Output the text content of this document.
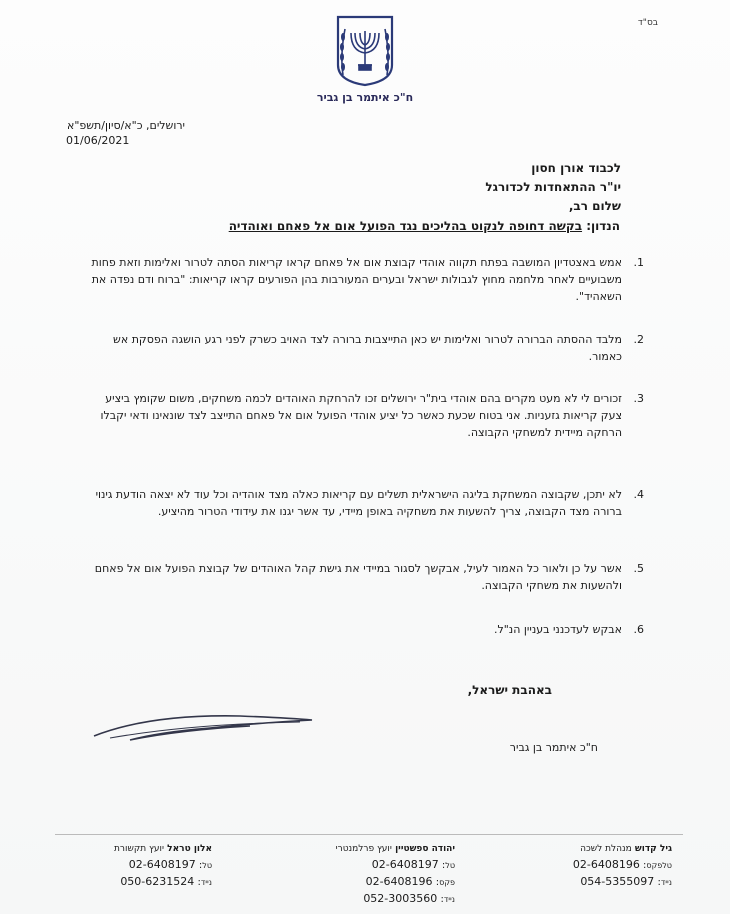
בס"ד
ח"כ איתמר בן גביר
ירושלים, כ"א/סיון/תשפ"א
01/06/2021
לכבוד אורן חסון
יו"ר ההתאחדות לכדורגל
שלום רב,
הנדון: בקשה דחופה לנקוט בהליכים נגד הפועל אום אל פאחם ואוהדיה
1.
אמש באצטדיון המושבה בפתח תקווה אוהדי קבוצת אום אל פאחם קראו קריאות הסתה לטרור ואלימות וזאת פחות משבועיים לאחר מלחמה מחוץ לגבולות ישראל ובערים המעורבות בהן הפורעים קראו קריאות: "ברוח ודם נפדה את השאהיד".
2.
מלבד ההסתה הברורה לטרור ואלימות יש כאן התייצבות ברורה לצד האויב כשרק לפני רגע הושגה הפסקת אש כאמור.
3.
זכורים לי לא מעט מקרים בהם אוהדי בית"ר ירושלים זכו להרחקת האוהדים לכמה משחקים, משום שקומץ ביציע צעק קריאות גזעניות. אני בטוח שכעת כאשר כל יציע אוהדי הפועל אום אל פאחם התייצב לצד שונאינו ודאי יקבלו הרחקה מיידית למשחקי הקבוצה.
4.
לא יתכן, שקבוצה המשחקת בליגה הישראלית תשלים עם קריאות כאלה מצד אוהדיה וכל עוד לא יצאה הודעת גינוי ברורה מצד הקבוצה, צריך להשעות את משחקיה באופן מיידי, עד אשר יגנו את עידודי הטרור מהיציע.
5.
אשר על כן ולאור כל האמור לעיל, אבקשך לסגור במיידי את גישת קהל האוהדים של קבוצת הפועל אום אל פאחם ולהשעות את משחקי הקבוצה.
6.
אבקש לעדכנני בעניין הנ"ל.
באהבת ישראל,
ח"כ איתמר בן גביר
גיל קדוש מנהלת לשכה
טלפקס: 02-6408196
נייד: 054-5355097
יהודה ספשטיין יועץ פרלמנטרי
טל: 02-6408197
פקס: 02-6408196
נייד: 052-3003560
אלון טראל יועץ תקשורת
טל: 02-6408197
נייד: 050-6231524
